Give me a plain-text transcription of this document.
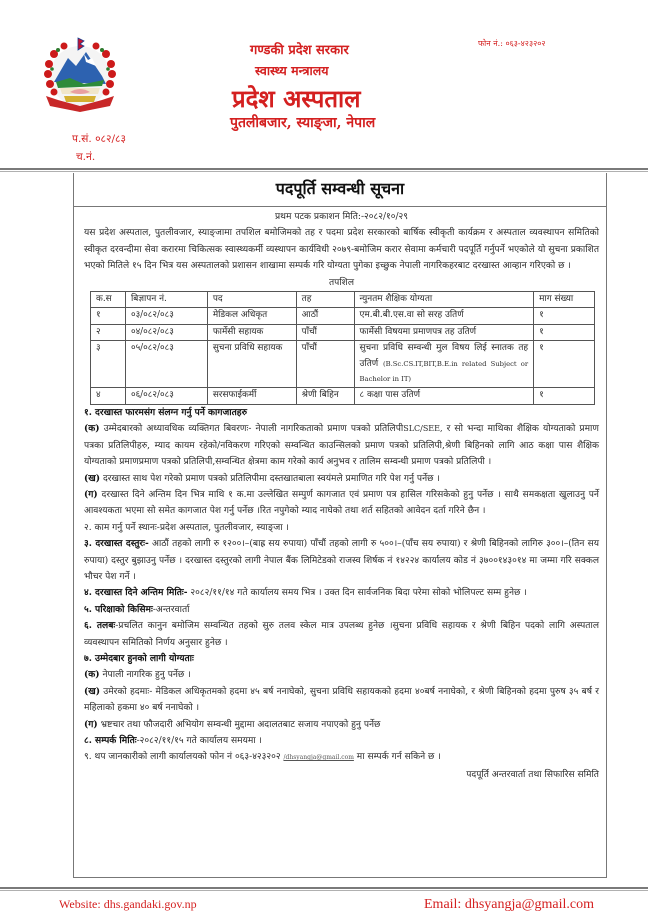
फोन नं.: ०६३-४२३२०२
गण्डकी प्रदेश सरकार
स्वास्थ्य मन्त्रालय
प्रदेश अस्पताल
पुतलीबजार, स्याङ्जा, नेपाल
प.सं. ०८२/८३
च.नं.
पदपूर्ति सम्वन्धी सूचना
प्रथम पटक प्रकाशन मिति:-२०८२/१०/२९
यस प्रदेश अस्पताल, पुतलीवजार, स्याङ्जामा तपशिल बमोजिमको तह र पदमा प्रदेश सरकारको बार्षिक स्वीकृती कार्यक्रम र अस्पताल व्यवस्थापन समितिको स्वीकृत दरवन्दीमा सेवा करारमा चिकित्सक स्वास्थ्यकर्मी व्यस्थापन कार्यविधी २०७९-बमोजिम करार सेवामा कर्मचारी पदपूर्ति गर्नुपर्ने भएकोले यो सुचना प्रकाशित भएको मितिले १५ दिन भित्र यस अस्पतालको प्रशासन शाखामा सम्पर्क गरि योग्यता पुगेका इच्छुक नेपाली नागरिकहरबाट दरखास्त आव्हान गरिएको छ ।
तपशिल
क.स	बिज्ञापन नं.	पद	तह	न्युनतम शैक्षिक योग्यता	माग संख्या
१	०३/०८२/०८३	मेडिकल अधिकृत	आठौं	एम.बी.बी.एस.वा सो सरह उतिर्ण	१
२	०४/०८२/०८३	फार्मेसी सहायक	पाँचौं	फार्मेसी विषयमा प्रमाणपत्र तह उतिर्ण	१
३	०५/०८२/०८३	सुचना प्रविधि सहायक	पाँचौं	सुचना प्रविधि सम्वन्धी मुल विषय लिई स्नातक तह उतिर्ण (B.Sc.CS.IT,BIT,B.E.in related Subject or Bachelor in IT)	१
४	०६/०८२/०८३	सरसफाईकर्मी	श्रेणी बिहिन	८ कक्षा पास उतिर्ण	१
१. दरखास्त फारमसंग संलग्न गर्नु पर्ने कागजातहरु
(क) उम्मेदबारको अध्यावधिक व्यक्तिगत बिवरणः- नेपाली नागरिकताको प्रमाण पत्रको प्रतिलिपीSLC/SEE, र सो भन्दा माथिका शैक्षिक योग्यताको प्रमाण पत्रका प्रतिलिपीहरु, म्याद कायम रहेको/नविकरण गरिएको सम्वन्धित काउन्सिलको प्रमाण पत्रको प्रतिलिपी,श्रेणी बिहिनको लागि आठ कक्षा पास शैक्षिक योग्यताको प्रमाणप्रमाण पत्रको प्रतिलिपी,सम्वन्धित क्षेत्रमा काम गरेको कार्य अनुभव र तालिम सम्वन्धी प्रमाण पत्रको प्रतिलिपी ।
(ख) दरखास्त साथ पेश गरेको प्रमाण पत्रको प्रतिलिपीमा दस्तखातबाला स्वयंमले प्रमाणित गरि पेश गर्नु पर्नेछ ।
(ग) दरखास्त दिने अन्तिम दिन भित्र माथि १ क.मा उल्लेखित सम्पुर्ण कागजात एवं प्रमाण पत्र हासिल गरिसकेको हुनु पर्नेछ । साथै समकक्षता खुलाउनु पर्ने आवश्यकता भएमा सो समेत कागजात पेश गर्नु पर्नेछ ।रित नपुगेको म्याद नाघेको तथा शर्त सहितको आवेदन दर्ता गरिने छैन ।
२. काम गर्नु पर्ने स्थानः-प्रदेश अस्पताल, पुतलीवजार, स्याङ्जा ।
३. दरखास्त दस्तुरः- आठौं तहको लागी रु १२००।–(बाह्र सय रुपाया) पाँचौं तहको लागी रु ५००।–(पाँच सय रुपाया) र श्रेणी बिहिनको लागिरु ३००।–(तिन सय रुपाया) दस्तुर बुझाउनु पर्नेछ । दरखास्त दस्तुरको लागी नेपाल बैंक लिमिटेडको राजस्व शिर्षक नं १४२२४ कार्यालय कोड नं ३७००१४३०१४ मा जम्मा गरि सक्कल भौचर पेश गर्ने ।
४. दरखास्त दिने अन्तिम मितिः- २०८२/११/१४ गते कार्यालय समय भित्र । उक्त दिन सार्वजनिक बिदा परेमा सोको भोलिपल्ट सम्म हुनेछ ।
५. परिक्षाको किसिमः-अन्तरवार्ता
६. तलबः-प्रचलित कानुन बमोजिम सम्वन्धित तहको सुरु तलव स्केल मात्र उपलब्ध हुनेछ ।सुचना प्रविधि सहायक र श्रेणी बिहिन पदको लागि अस्पताल व्यवस्थापन समितिको निर्णय अनुसार हुनेछ ।
७. उम्मेदबार हुनको लागी योग्यताः
(क) नेपाली नागरिक हुनु पर्नेछ ।
(ख) उमेरको हदमाः- मेडिकल अधिकृतमको हदमा ४५ बर्ष ननाघेको, सुचना प्रविधि सहायकको हदमा ४०बर्ष ननाघेको, र श्रेणी बिहिनको हदमा पुरुष ३५ बर्ष र महिलाको हकमा ४० बर्ष ननाघेको ।
(ग) भ्रष्टचार तथा फौजदारी अभियोग सम्वन्धी मुद्दामा अदालतबाट सजाय नपाएको हुनु पर्नेछ
८. सम्पर्क मितिः-२०८२/११/१५ गते कार्यालय समयमा ।
९. थप जानकारीको लागी कार्यालयको फोन नं ०६३-४२३२०२ /dhsyangja@gmail.com मा सम्पर्क गर्न सकिने छ ।
पदपूर्ति अन्तरवार्ता तथा सिफारिस समिति
Website: dhs.gandaki.gov.np	Email: dhsyangja@gmail.com
